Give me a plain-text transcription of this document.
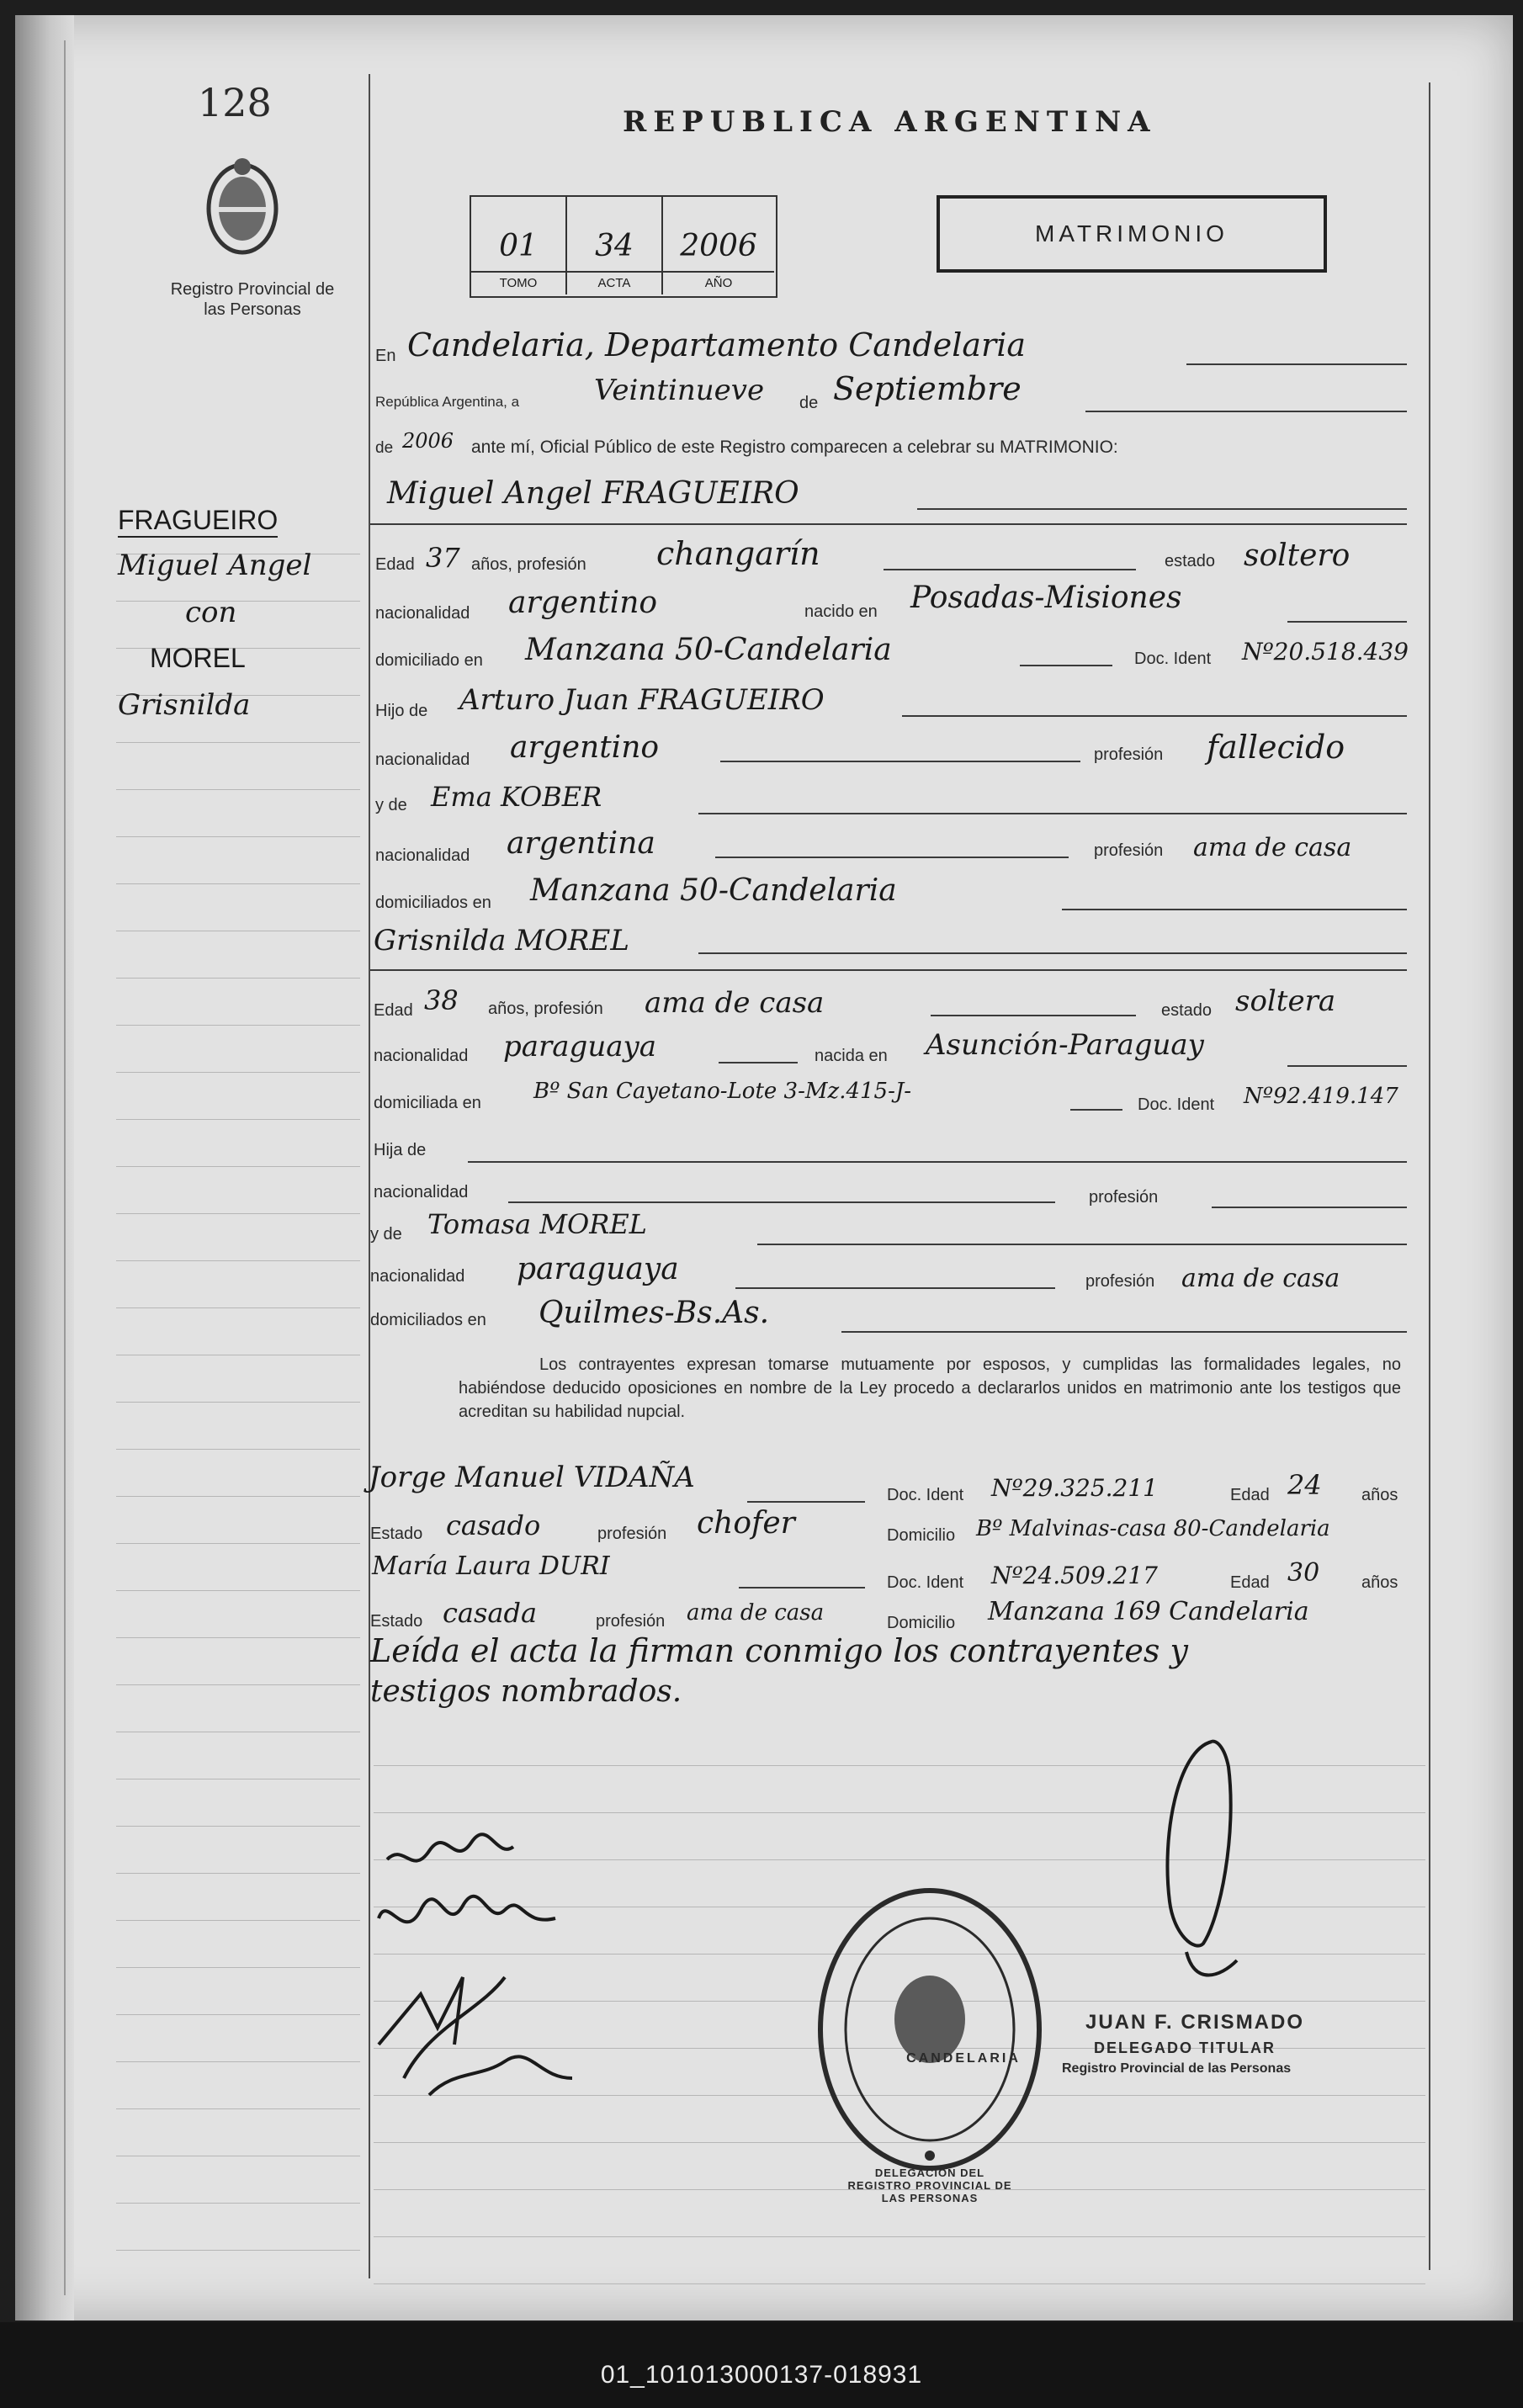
128
Registro Provincial de las Personas
REPUBLICA ARGENTINA
01
TOMO
34
ACTA
2006
AÑO
MATRIMONIO
FRAGUEIRO
Miguel Angel
con
MOREL
Grisnilda
En Candelaria, Departamento Candelaria
República Argentina, a	Veintinueve de Septiembre
de 2006 ante mí, Oficial Público de este Registro comparecen a celebrar su MATRIMONIO:
Miguel Angel FRAGUEIRO
Edad 37 años, profesión changarín	estado soltero
nacionalidad argentino	nacido en Posadas-Misiones
domiciliado en Manzana 50-Candelaria	Doc. Ident Nº20.518.439
Hijo de Arturo Juan FRAGUEIRO
nacionalidad argentino	profesión fallecido
y de Ema KOBER
nacionalidad argentina	profesión ama de casa
domiciliados en Manzana 50-Candelaria
Grisnilda MOREL
Edad 38 años, profesión ama de casa	estado soltera
nacionalidad paraguaya	nacida en Asunción-Paraguay
domiciliada en Bº San Cayetano-Lote 3-Mz.415-J-
Doc. Ident Nº92.419.147
Hija de
nacionalidad	profesión
y de Tomasa MOREL
nacionalidad paraguaya	profesión ama de casa
domiciliados en Quilmes-Bs.As.
Los contrayentes expresan tomarse mutuamente por esposos, y cumplidas las formalidades legales, no habiéndose deducido oposiciones en nombre de la Ley procedo a declararlos unidos en matrimonio ante los testigos que acreditan su habilidad nupcial.
Jorge Manuel VIDAÑA
Doc. Ident Nº29.325.211	Edad 24 años
Estado casado	profesión chofer	Domicilio Bº Malvinas-casa 80-Candelaria
María Laura DURI
Doc. Ident Nº24.509.217	Edad 30 años
Estado casada	profesión ama de casa	Domicilio Manzana 169 Candelaria
Leída el acta la firman conmigo los contrayentes y
testigos nombrados.
DELEGACION DEL REGISTRO PROVINCIAL DE LAS PERSONAS
CANDELARIA
JUAN F. CRISMADO
DELEGADO TITULAR
Registro Provincial de las Personas
01_101013000137-018931
